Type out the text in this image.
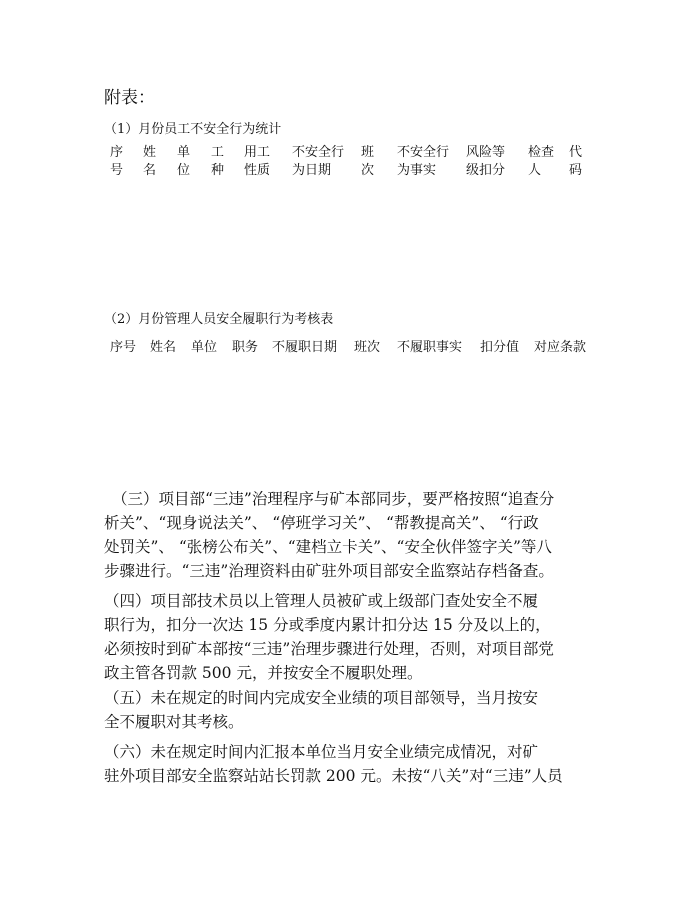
附表：
（1）月份员工不安全行为统计
序
号
姓
名
单
位
工
种
用工
性质
不安全行
为日期
班
次
不安全行
为事实
风险等
级扣分
检查
人
代
码
（2）月份管理人员安全履职行为考核表
序号 姓名 单位 职务 不履职日期 班次 不履职事实 扣分值 对应条款

（三）项目部“三违”治理程序与矿本部同步，要严格按照“追查分

析关”、“现身说法关”、 “停班学习关”、 “帮教提高关”、 “行政

处罚关”、 “张榜公布关”、“建档立卡关”、“安全伙伴签字关”等八

步骤进行。“三违”治理资料由矿驻外项目部安全监察站存档备查。

（四）项目部技术员以上管理人员被矿或上级部门查处安全不履

职行为，扣分一次达 15 分或季度内累计扣分达 15 分及以上的，

必须按时到矿本部按“三违”治理步骤进行处理，否则，对项目部党

政主管各罚款 500 元，并按安全不履职处理。

（五）未在规定的时间内完成安全业绩的项目部领导，当月按安

全不履职对其考核。

（六）未在规定时间内汇报本单位当月安全业绩完成情况，对矿

驻外项目部安全监察站站长罚款 200 元。未按“八关”对“三违”人员
